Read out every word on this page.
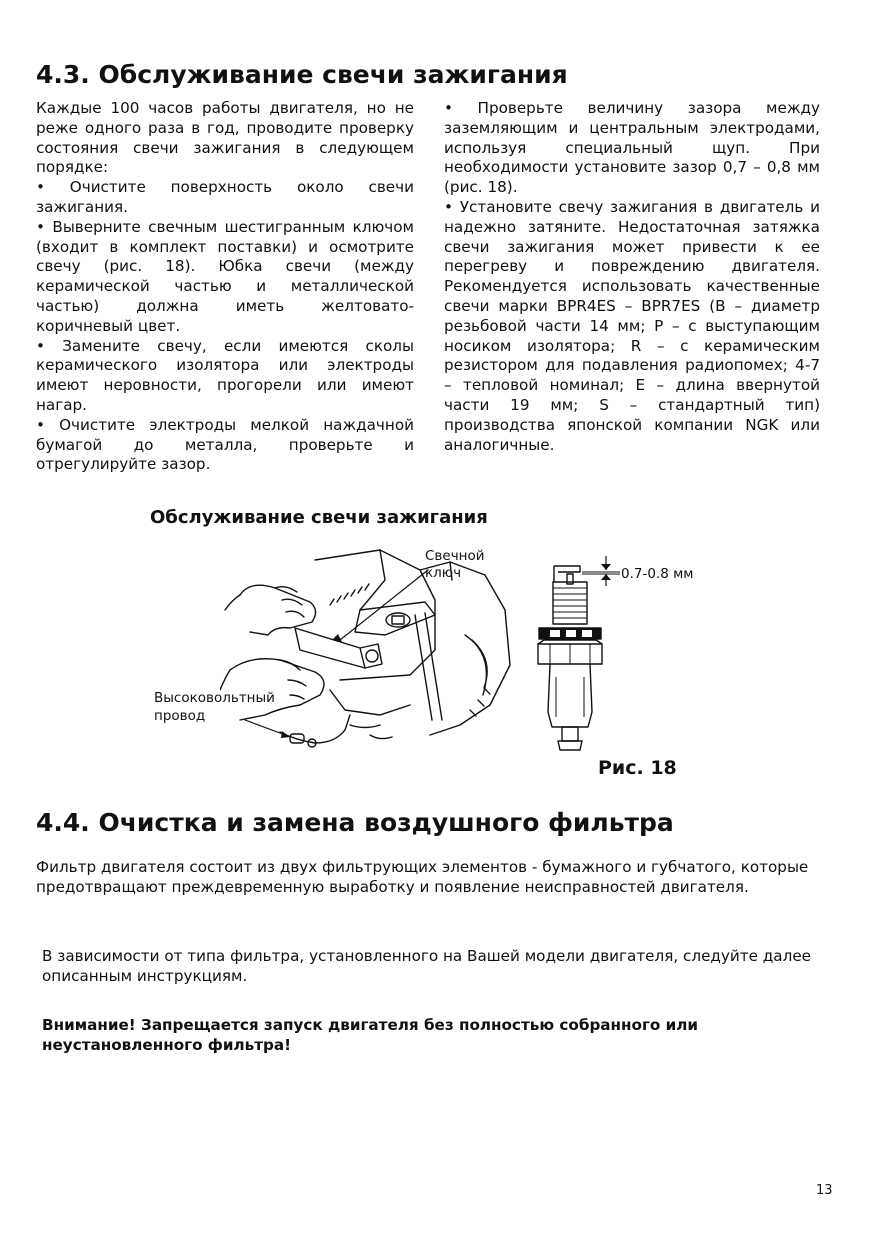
4.3. Обслуживание свечи зажигания

Каждые 100 часов работы двигателя, но не реже одного раза в год, проводите проверку состояния свечи зажигания в следующем порядке:

• Очистите поверхность около свечи зажигания.

• Выверните свечным шестигранным ключом (входит в комплект поставки) и осмотрите свечу (рис. 18). Юбка свечи (между керамической частью и металлической частью) должна иметь желтовато-коричневый цвет.

• Замените свечу, если имеются сколы керамического изолятора или электроды имеют неровности, прогорели или имеют нагар.

• Очистите электроды мелкой наждачной бумагой до металла, проверьте и отрегулируйте зазор.

• Проверьте величину зазора между заземляющим и центральным электродами, используя специальный щуп. При необходимости установите зазор 0,7 – 0,8 мм (рис. 18).

• Установите свечу зажигания в двигатель и надежно затяните. Недостаточная затяжка свечи зажигания может привести к ее перегреву и повреждению двигателя. Рекомендуется использовать качественные свечи марки BPR4ES – BPR7ES (B – диаметр резьбовой части 14 мм; P – с выступающим носиком изолятора; R – с керамическим резистором для подавления радиопомех; 4-7 – тепловой номинал; E – длина ввернутой части 19 мм; S – стандартный тип) производства японской компании NGK или аналогичные.

Обслуживание свечи зажигания
Свечной
ключ
Высоковольтный
провод
0.7-0.8 мм
Рис. 18
4.4. Очистка и замена воздушного фильтра
Фильтр двигателя состоит из двух фильтрующих элементов - бумажного и губчатого, которые предотвращают преждевременную выработку и появление неисправностей двигателя.
В зависимости от типа фильтра, установленного на Вашей модели двигателя, следуйте далее описанным инструкциям.
Внимание! Запрещается запуск двигателя без полностью собранного или неустановленного фильтра!
13
